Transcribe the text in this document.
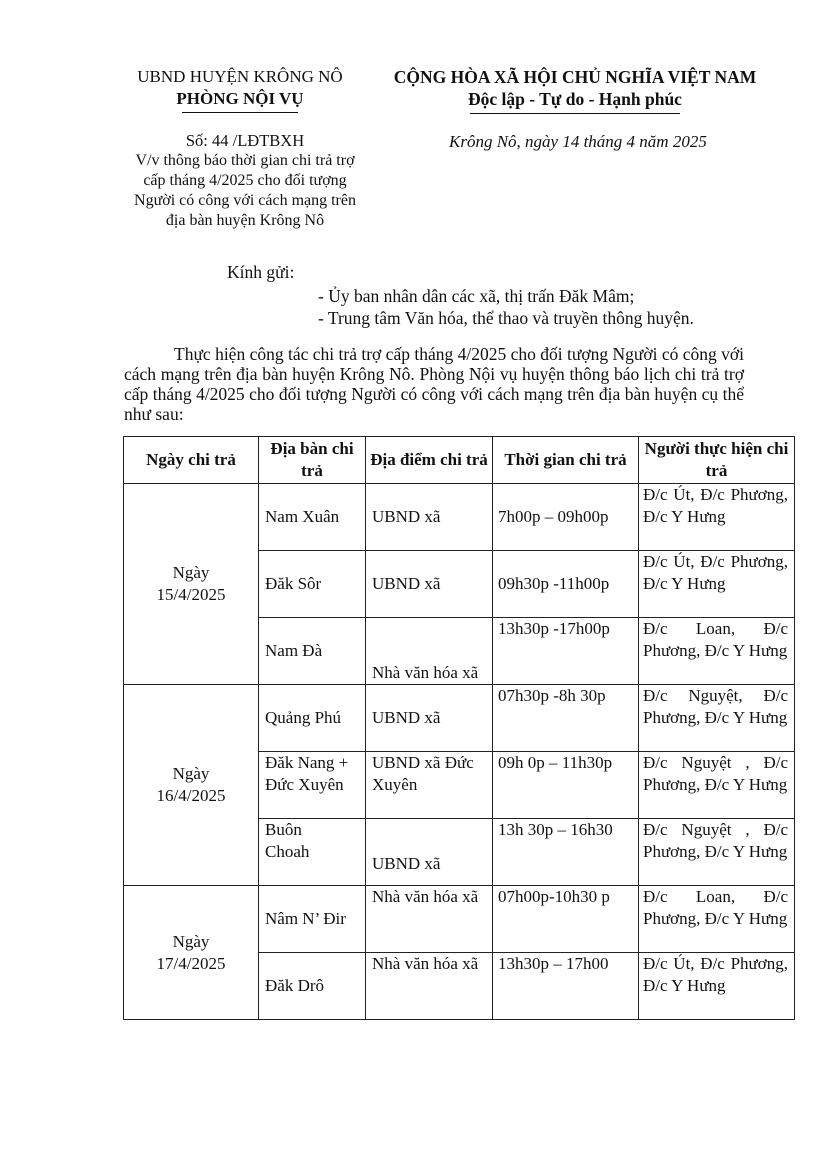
UBND HUYỆN KRÔNG NÔ
PHÒNG NỘI VỤ
CỘNG HÒA XÃ HỘI CHỦ NGHĨA VIỆT NAM
Độc lập - Tự do - Hạnh phúc
Số: 44 /LĐTBXH
V/v thông báo thời gian chi trả trợ
cấp tháng 4/2025 cho đối tượng
Người có công với cách mạng trên
địa bàn huyện Krông Nô
Krông Nô, ngày 14 tháng 4 năm 2025
Kính gửi:
- Ủy ban nhân dân các xã, thị trấn Đăk Mâm;
- Trung tâm Văn hóa, thể thao và truyền thông huyện.
Thực hiện công tác chi trả trợ cấp tháng 4/2025 cho đối tượng Người có công với cách mạng trên địa bàn huyện Krông Nô. Phòng Nội vụ huyện thông báo lịch chi trả trợ cấp tháng 4/2025 cho đối tượng Người có công với cách mạng trên địa bàn huyện cụ thể như sau:
Ngày chi trả	Địa bàn chi trả	Địa điểm chi trả	Thời gian chi trả	Người thực hiện chi trả
Ngày 15/4/2025	Nam Xuân	UBND xã	7h00p – 09h00p	Đ/c Út, Đ/c Phương, Đ/c Y Hưng
	Đăk Sôr	UBND xã	09h30p -11h00p	Đ/c Út, Đ/c Phương, Đ/c Y Hưng
	Nam Đà	Nhà văn hóa xã	13h30p -17h00p	Đ/c Loan, Đ/c Phương, Đ/c Y Hưng
Ngày 16/4/2025	Quảng Phú	UBND xã	07h30p -8h 30p	Đ/c Nguyệt, Đ/c Phương, Đ/c Y Hưng
	Đăk Nang + Đức Xuyên	UBND xã Đức Xuyên	09h 0p – 11h30p	Đ/c Nguyệt , Đ/c Phương, Đ/c Y Hưng
	Buôn Choah	UBND xã	13h 30p – 16h30	Đ/c Nguyệt , Đ/c Phương, Đ/c Y Hưng
Ngày 17/4/2025	Nâm N’ Đir	Nhà văn hóa xã	07h00p-10h30 p	Đ/c Loan, Đ/c Phương, Đ/c Y Hưng
	Đăk Drô	Nhà văn hóa xã	13h30p – 17h00	Đ/c Út, Đ/c Phương, Đ/c Y Hưng
